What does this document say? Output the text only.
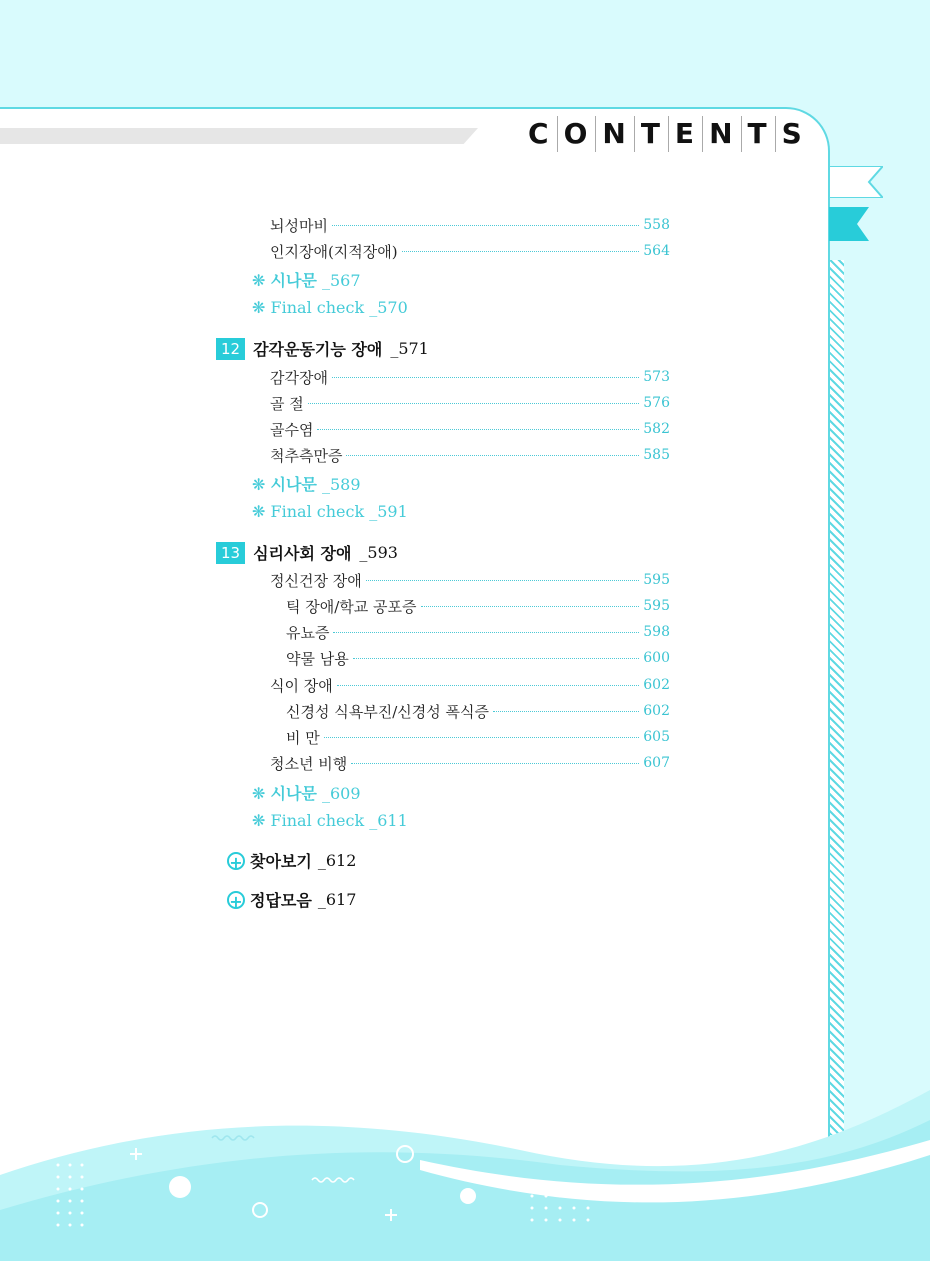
C O N T E N T S
뇌성마비	558
인지장애(지적장애)	564
❋ 시나문 _567
❋ Final check _570
12 감각운동기능 장애 _571
감각장애	573
골 절	576
골수염	582
척추측만증	585
❋ 시나문 _589
❋ Final check _591
13 심리사회 장애 _593
정신건장 장애	595
틱 장애/학교 공포증	595
유뇨증	598
약물 남용	600
식이 장애	602
신경성 식욕부진/신경성 폭식증	602
비 만	605
청소년 비행	607
❋ 시나문 _609
❋ Final check _611
+ 찾아보기 _612
+ 정답모음 _617
